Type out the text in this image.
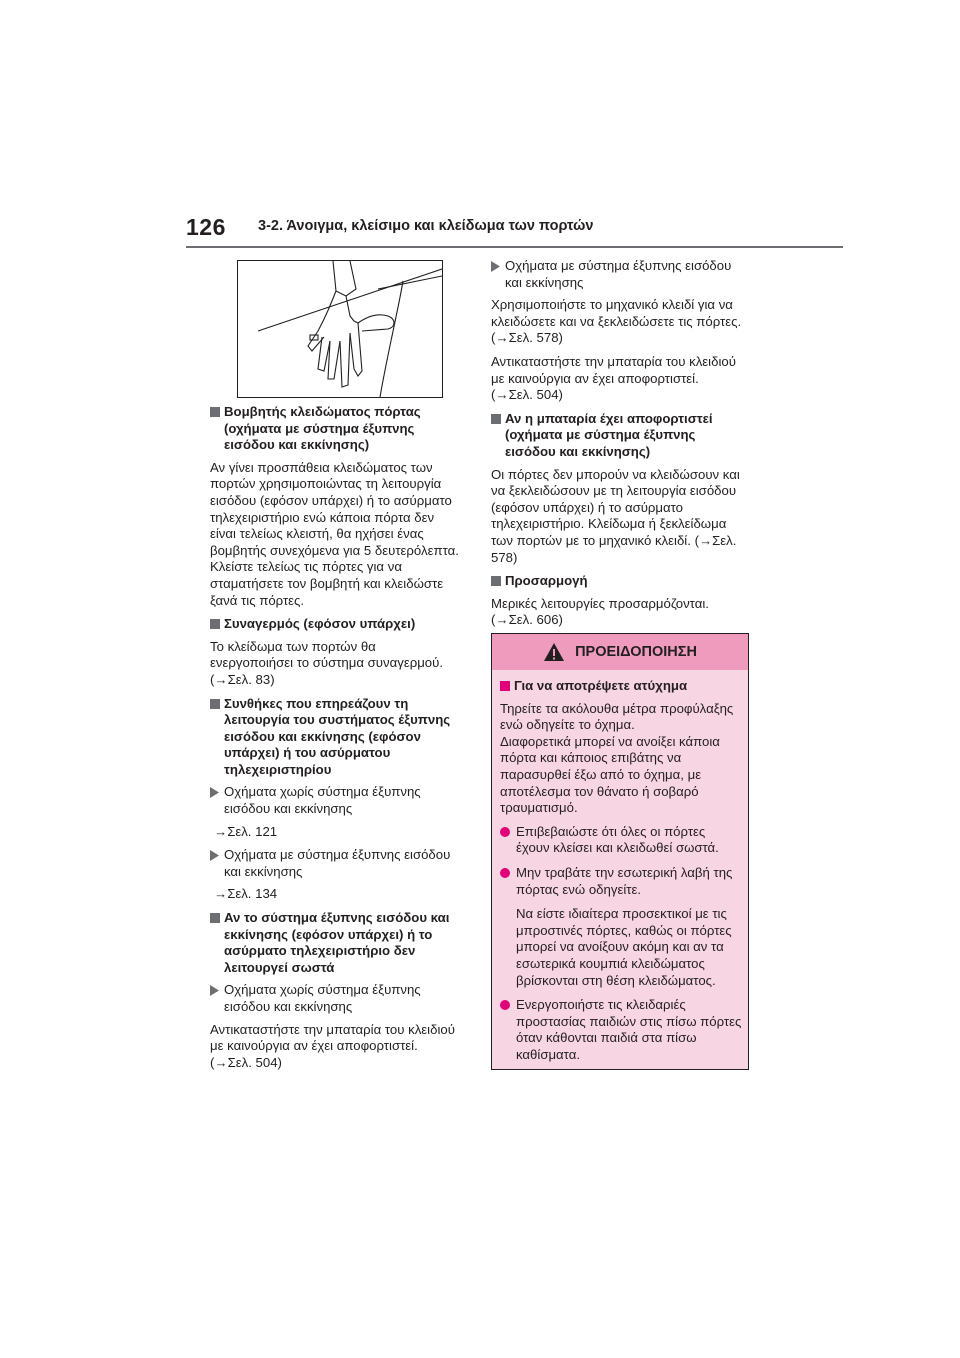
126 3-2. Άνοιγμα, κλείσιμο και κλείδωμα των πορτών
Βομβητής κλειδώματος πόρτας (οχήματα με σύστημα έξυπνης εισόδου και εκκίνησης)

Αν γίνει προσπάθεια κλειδώματος των πορτών χρησιμοποιώντας τη λειτουργία εισόδου (εφόσον υπάρχει) ή το ασύρματο τηλεχειριστήριο ενώ κάποια πόρτα δεν είναι τελείως κλειστή, θα ηχήσει ένας βομβητής συνεχόμενα για 5 δευτερόλεπτα. Κλείστε τελείως τις πόρτες για να σταματήσετε τον βομβητή και κλειδώστε ξανά τις πόρτες.

Συναγερμός (εφόσον υπάρχει)

Το κλείδωμα των πορτών θα ενεργοποιήσει το σύστημα συναγερμού.
(→Σελ. 83)

Συνθήκες που επηρεάζουν τη λειτουργία του συστήματος έξυπνης εισόδου και εκκίνησης (εφόσον υπάρχει) ή του ασύρματου τηλεχειριστηρίου
Οχήματα χωρίς σύστημα έξυπνης εισόδου και εκκίνησης
→Σελ. 121
Οχήματα με σύστημα έξυπνης εισόδου και εκκίνησης
→Σελ. 134
Αν το σύστημα έξυπνης εισόδου και εκκίνησης (εφόσον υπάρχει) ή το ασύρματο τηλεχειριστήριο δεν λειτουργεί σωστά
Οχήματα χωρίς σύστημα έξυπνης εισόδου και εκκίνησης

Αντικαταστήστε την μπαταρία του κλειδιού με καινούργια αν έχει αποφορτιστεί.
(→Σελ. 504)

Οχήματα με σύστημα έξυπνης εισόδου και εκκίνησης

Χρησιμοποιήστε το μηχανικό κλειδί για να κλειδώσετε και να ξεκλειδώσετε τις πόρτες. (→Σελ. 578)

Αντικαταστήστε την μπαταρία του κλειδιού με καινούργια αν έχει αποφορτιστεί.
(→Σελ. 504)

Αν η μπαταρία έχει αποφορτιστεί (οχήματα με σύστημα έξυπνης εισόδου και εκκίνησης)

Οι πόρτες δεν μπορούν να κλειδώσουν και να ξεκλειδώσουν με τη λειτουργία εισόδου (εφόσον υπάρχει) ή το ασύρματο τηλεχειριστήριο. Κλείδωμα ή ξεκλείδωμα των πορτών με το μηχανικό κλειδί. (→Σελ. 578)

Προσαρμογή

Μερικές λειτουργίες προσαρμόζονται.
(→Σελ. 606)

ΠΡΟΕΙΔΟΠΟΙΗΣΗ
Για να αποτρέψετε ατύχημα

Τηρείτε τα ακόλουθα μέτρα προφύλαξης ενώ οδηγείτε το όχημα.
Διαφορετικά μπορεί να ανοίξει κάποια πόρτα και κάποιος επιβάτης να παρασυρθεί έξω από το όχημα, με αποτέλεσμα τον θάνατο ή σοβαρό τραυματισμό.

Επιβεβαιώστε ότι όλες οι πόρτες έχουν κλείσει και κλειδωθεί σωστά.
Μην τραβάτε την εσωτερική λαβή της πόρτας ενώ οδηγείτε.
Να είστε ιδιαίτερα προσεκτικοί με τις μπροστινές πόρτες, καθώς οι πόρτες μπορεί να ανοίξουν ακόμη και αν τα εσωτερικά κουμπιά κλειδώματος βρίσκονται στη θέση κλειδώματος.
Ενεργοποιήστε τις κλειδαριές προστασίας παιδιών στις πίσω πόρτες όταν κάθονται παιδιά στα πίσω καθίσματα.
